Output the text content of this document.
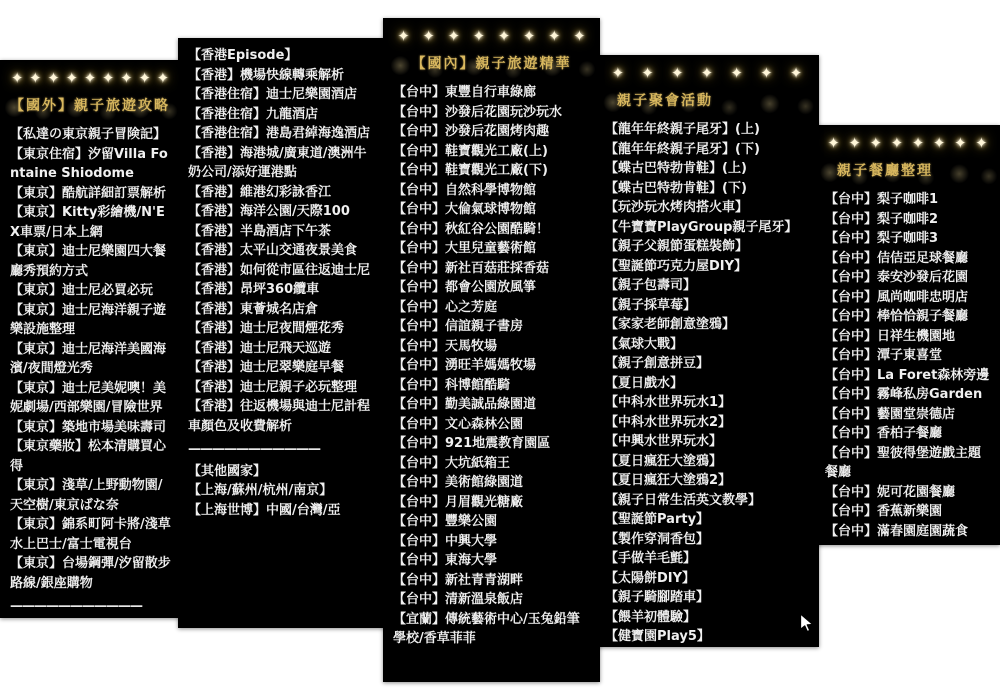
✦ ✦ ✦ ✦ ✦ ✦ ✦ ✦ ✦
【國外】親子旅遊攻略
【私達の東京親子冒険記】
【東京住宿】汐留Villa Fontaine Shiodome
【東京】酷航詳細訂票解析
【東京】Kitty彩繪機/N'EX車票/日本上網
【東京】迪士尼樂園四大餐廳秀預約方式
【東京】迪士尼必買必玩
【東京】迪士尼海洋親子遊樂設施整理
【東京】迪士尼海洋美國海濱/夜間燈光秀
【東京】迪士尼美妮噢！美妮劇場/西部樂園/冒險世界
【東京】築地市場美味壽司
【東京藥妝】松本清購買心得
【東京】淺草/上野動物園/天空樹/東京ばな奈
【東京】錦系町阿卡將/淺草水上巴士/富士電視台
【東京】台場鋼彈/汐留散步路線/銀座購物
———————————
【香港Episode】
【香港】機場快線轉乘解析
【香港住宿】迪士尼樂園酒店
【香港住宿】九龍酒店
【香港住宿】港島君綽海逸酒店
【香港】海港城/廣東道/澳洲牛奶公司/添好運港點
【香港】維港幻彩詠香江
【香港】海洋公園/天際100
【香港】半島酒店下午茶
【香港】太平山交通夜景美食
【香港】如何從市區往返迪士尼
【香港】昂坪360纜車
【香港】東薈城名店倉
【香港】迪士尼夜間煙花秀
【香港】迪士尼飛天巡遊
【香港】迪士尼翠樂庭早餐
【香港】迪士尼親子必玩整理
【香港】往返機場與迪士尼計程車顏色及收費解析
———————————
【其他國家】
【上海/蘇州/杭州/南京】
【上海世博】中國/台灣/亞
✦ ✦ ✦ ✦ ✦ ✦ ✦ ✦
【國內】親子旅遊精華
【台中】東豐自行車綠廊
【台中】沙發后花園玩沙玩水
【台中】沙發后花園烤肉趣
【台中】鞋寶觀光工廠(上)
【台中】鞋寶觀光工廠(下)
【台中】自然科學博物館
【台中】大倫氣球博物館
【台中】秋紅谷公園酷騎！
【台中】大里兒童藝術館
【台中】新社百菇莊採香菇
【台中】都會公園放風箏
【台中】心之芳庭
【台中】信誼親子書房
【台中】天馬牧場
【台中】湧旺羊媽媽牧場
【台中】科博館酷騎
【台中】勤美誠品綠園道
【台中】文心森林公園
【台中】921地震教育園區
【台中】大坑紙箱王
【台中】美術館綠園道
【台中】月眉觀光糖廠
【台中】豐樂公園
【台中】中興大學
【台中】東海大學
【台中】新社青青湖畔
【台中】清新溫泉飯店
【宜蘭】傳統藝術中心/玉兔鉛筆學校/香草菲菲
✦ ✦ ✦ ✦ ✦ ✦ ✦
親子聚會活動
【龍年年終親子尾牙】(上)
【龍年年終親子尾牙】(下)
【蝶古巴特勃肯鞋】(上)
【蝶古巴特勃肯鞋】(下)
【玩沙玩水烤肉搭火車】
【牛寶寶PlayGroup親子尾牙】
【親子父親節蛋糕裝飾】
【聖誕節巧克力屋DIY】
【親子包壽司】
【親子採草莓】
【家家老師創意塗鴉】
【氣球大戰】
【親子創意拼豆】
【夏日戲水】
【中科水世界玩水1】
【中科水世界玩水2】
【中興水世界玩水】
【夏日瘋狂大塗鴉】
【夏日瘋狂大塗鴉2】
【親子日常生活英文教學】
【聖誕節Party】
【製作穿洞香包】
【手做羊毛氈】
【太陽餅DIY】
【親子騎腳踏車】
【餵羊初體驗】
【健寶園Play5】
✦ ✦ ✦ ✦ ✦ ✦ ✦ ✦
親子餐廳整理
【台中】梨子咖啡1
【台中】梨子咖啡2
【台中】梨子咖啡3
【台中】佶佶亞足球餐廳
【台中】泰安沙發后花園
【台中】風尚咖啡忠明店
【台中】棒恰恰親子餐廳
【台中】日祥生機園地
【台中】潭子東喜堂
【台中】La Foret森林旁邊
【台中】霧峰私房Garden
【台中】藝園堂崇德店
【台中】香柏子餐廳
【台中】聖彼得堡遊戲主題餐廳
【台中】妮可花園餐廳
【台中】香蕉新樂園
【台中】滿春園庭園蔬食
